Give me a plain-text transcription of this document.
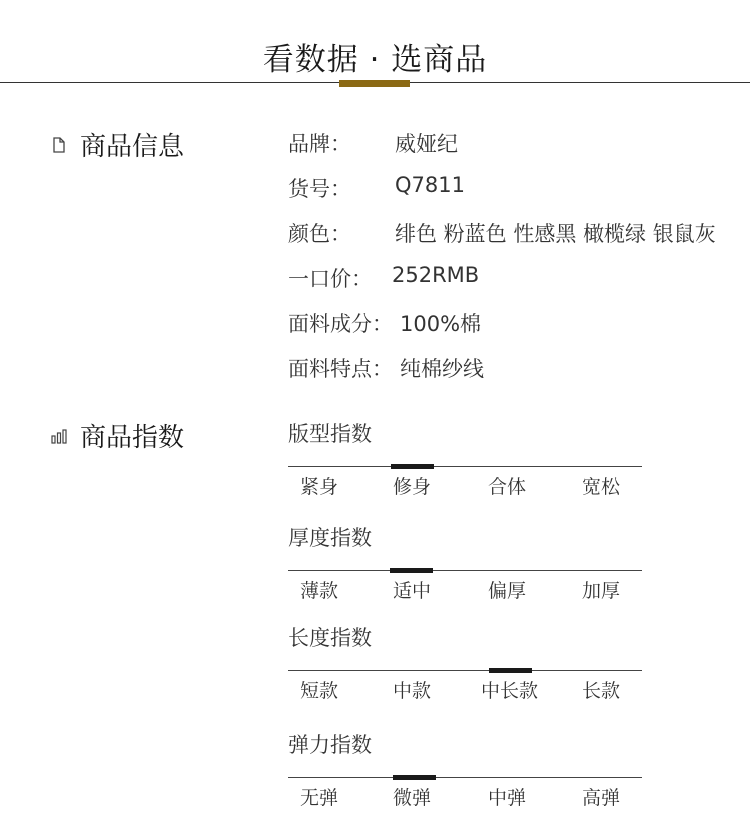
看数据 · 选商品
商品信息	品牌： 威娅纪
货号： Q7811
颜色： 绯色 粉蓝色 性感黑 橄榄绿 银鼠灰
一口价： 252RMB
面料成分： 100%棉
面料特点： 纯棉纱线
商品指数	版型指数
紧身	修身	合体	宽松
厚度指数
薄款	适中	偏厚	加厚
长度指数
短款	中款	中长款 长款
弹力指数
无弹	微弹	中弹	高弹
